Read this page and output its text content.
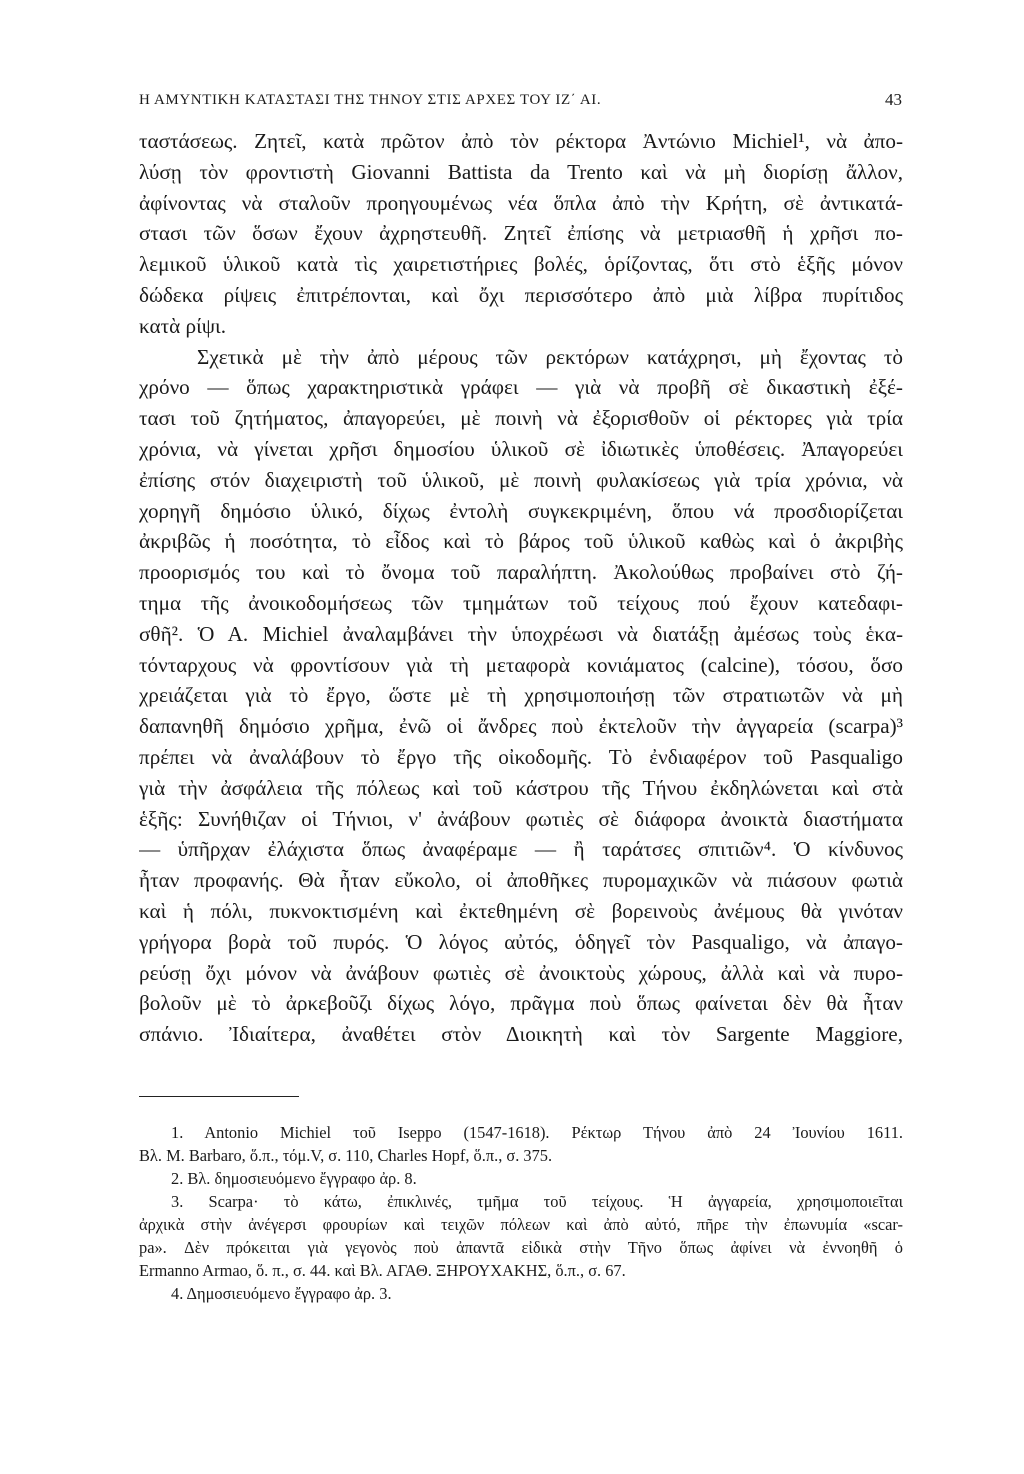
Η ΑΜΥΝΤΙΚΗ ΚΑΤΑΣΤΑΣΙ ΤΗΣ ΤΗΝΟΥ ΣΤΙΣ ΑΡΧΕΣ ΤΟΥ ΙΖ΄ ΑΙ.	43
ταστάσεως. Ζητεῖ, κατὰ πρῶτον ἀπὸ τὸν ρέκτορα Ἀντώνιο Michiel¹, νὰ ἀπο-
λύσῃ τὸν φροντιστὴ Giovanni Battista da Trento καὶ νὰ μὴ διορίσῃ ἄλλον,
ἀφίνοντας νὰ σταλοῦν προηγουμένως νέα ὅπλα ἀπὸ τὴν Κρήτη, σὲ ἀντικατά-
στασι τῶν ὅσων ἔχουν ἀχρηστευθῆ. Ζητεῖ ἐπίσης νὰ μετριασθῆ ἡ χρῆσι πο-
λεμικοῦ ὑλικοῦ κατὰ τὶς χαιρετιστήριες βολές, ὁρίζοντας, ὅτι στὸ ἑξῆς μόνον
δώδεκα ρίψεις ἐπιτρέπονται, καὶ ὄχι περισσότερο ἀπὸ μιὰ λίβρα πυρίτιδος
κατὰ ρίψι.
Σχετικὰ μὲ τὴν ἀπὸ μέρους τῶν ρεκτόρων κατάχρησι, μὴ ἔχοντας τὸ
χρόνο — ὅπως χαρακτηριστικὰ γράφει — γιὰ νὰ προβῆ σὲ δικαστικὴ ἐξέ-
τασι τοῦ ζητήματος, ἀπαγορεύει, μὲ ποινὴ νὰ ἐξορισθοῦν οἱ ρέκτορες γιὰ τρία
χρόνια, νὰ γίνεται χρῆσι δημοσίου ὑλικοῦ σὲ ἰδιωτικὲς ὑποθέσεις. Ἀπαγορεύει
ἐπίσης στόν διαχειριστὴ τοῦ ὑλικοῦ, μὲ ποινὴ φυλακίσεως γιὰ τρία χρόνια, νὰ
χορηγῆ δημόσιο ὑλικό, δίχως ἐντολὴ συγκεκριμένη, ὅπου νά προσδιορίζεται
ἀκριβῶς ἡ ποσότητα, τὸ εἶδος καὶ τὸ βάρος τοῦ ὑλικοῦ καθὼς καὶ ὁ ἀκριβὴς
προορισμός του καὶ τὸ ὄνομα τοῦ παραλήπτη. Ἀκολούθως προβαίνει στὸ ζή-
τημα τῆς ἀνοικοδομήσεως τῶν τμημάτων τοῦ τείχους πού ἔχουν κατεδαφι-
σθῆ². Ὁ Α. Michiel ἀναλαμβάνει τὴν ὑποχρέωσι νὰ διατάξῃ ἀμέσως τοὺς ἑκα-
τόνταρχους νὰ φροντίσουν γιὰ τὴ μεταφορὰ κονιάματος (calcine), τόσου, ὅσο
χρειάζεται γιὰ τὸ ἔργο, ὥστε μὲ τὴ χρησιμοποιήσῃ τῶν στρατιωτῶν νὰ μὴ
δαπανηθῆ δημόσιο χρῆμα, ἐνῶ οἱ ἄνδρες ποὺ ἐκτελοῦν τὴν ἀγγαρεία (scarpa)³
πρέπει νὰ ἀναλάβουν τὸ ἔργο τῆς οἰκοδομῆς. Τὸ ἐνδιαφέρον τοῦ Pasqualigo
γιὰ τὴν ἀσφάλεια τῆς πόλεως καὶ τοῦ κάστρου τῆς Τήνου ἐκδηλώνεται καὶ στὰ
ἑξῆς: Συνήθιζαν οἱ Τήνιοι, ν' ἀνάβουν φωτιὲς σὲ διάφορα ἀνοικτὰ διαστήματα
— ὑπῆρχαν ἐλάχιστα ὅπως ἀναφέραμε — ἢ ταράτσες σπιτιῶν⁴. Ὁ κίνδυνος
ἦταν προφανής. Θὰ ἦταν εὔκολο, οἱ ἀποθῆκες πυρομαχικῶν νὰ πιάσουν φωτιὰ
καὶ ἡ πόλι, πυκνοκτισμένη καὶ ἐκτεθημένη σὲ βορεινοὺς ἀνέμους θὰ γινόταν
γρήγορα βορὰ τοῦ πυρός. Ὁ λόγος αὐτός, ὁδηγεῖ τὸν Pasqualigo, νὰ ἀπαγο-
ρεύσῃ ὄχι μόνον νὰ ἀνάβουν φωτιὲς σὲ ἀνοικτοὺς χώρους, ἀλλὰ καὶ νὰ πυρο-
βολοῦν μὲ τὸ ἀρκεβοῦζι δίχως λόγο, πρᾶγμα ποὺ ὅπως φαίνεται δὲν θὰ ἦταν
σπάνιο. Ἰδιαίτερα, ἀναθέτει στὸν Διοικητὴ καὶ τὸν Sargente Maggiore,
1. Antonio Michiel τοῦ Iseppo (1547-1618). Ρέκτωρ Τήνου ἀπὸ 24 Ἰουνίου 1611.
Βλ. Μ. Barbaro, ὅ.π., τόμ.V, σ. 110, Charles Hopf, ὅ.π., σ. 375.
2. Βλ. δημοσιευόμενο ἔγγραφο ἀρ. 8.
3. Scarpa· τὸ κάτω, ἐπικλινές, τμῆμα τοῦ τείχους. Ἡ ἀγγαρεία, χρησιμοποιεῖται
ἀρχικὰ στὴν ἀνέγερσι φρουρίων καὶ τειχῶν πόλεων καὶ ἀπὸ αὐτό, πῆρε τὴν ἐπωνυμία «scar-
pa». Δὲν πρόκειται γιὰ γεγονὸς ποὺ ἀπαντᾶ εἰδικὰ στὴν Τῆνο ὅπως ἀφίνει νὰ ἐννοηθῆ ὁ
Ermanno Armao, ὅ. π., σ. 44. καὶ Βλ. ΑΓΑΘ. ΞΗΡΟΥΧΑΚΗΣ, ὅ.π., σ. 67.
4. Δημοσιευόμενο ἔγγραφο ἀρ. 3.
